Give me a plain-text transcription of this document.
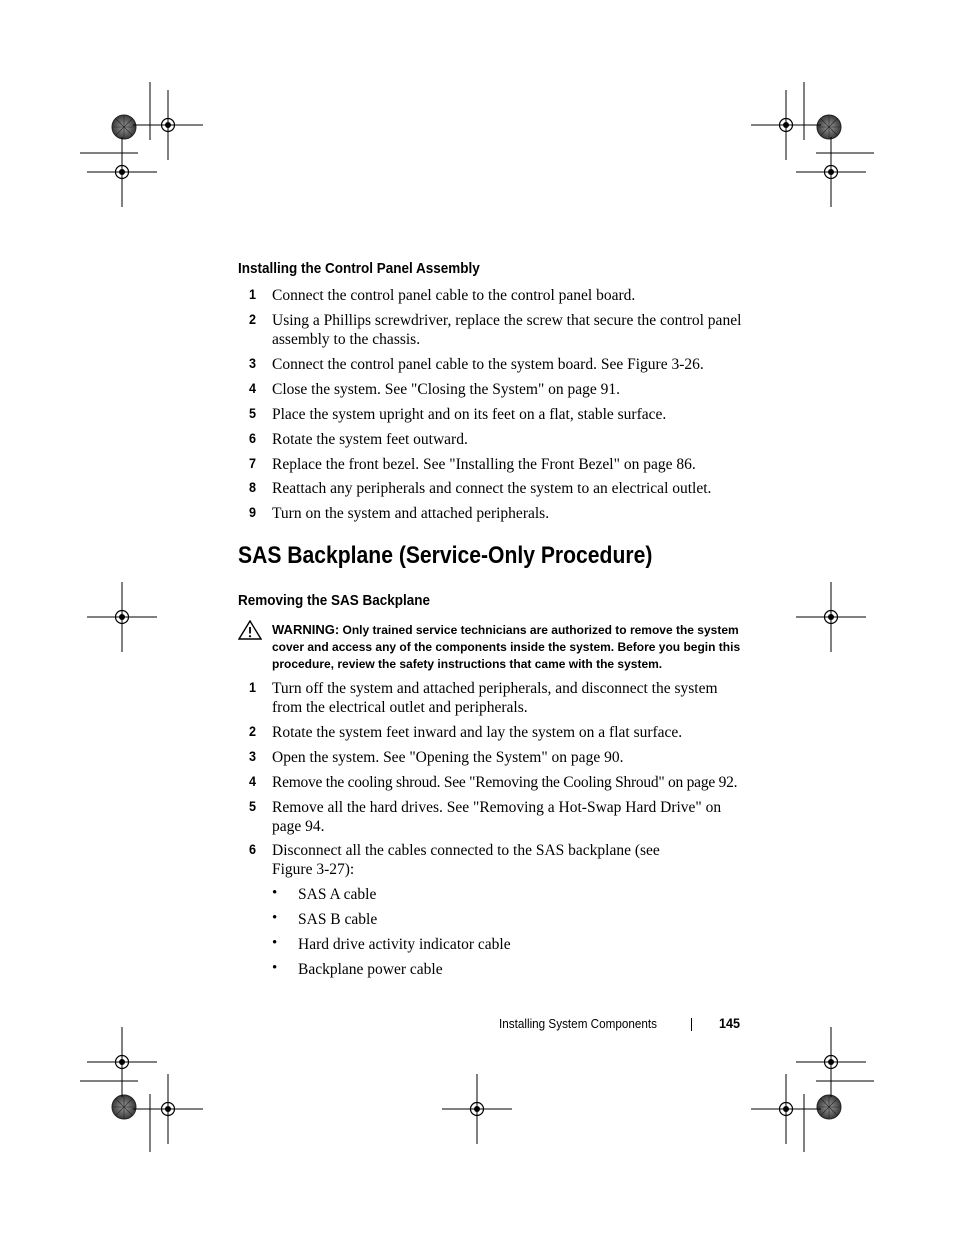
Installing the Control Panel Assembly
1 Connect the control panel cable to the control panel board.
2 Using a Phillips screwdriver, replace the screw that secure the control panel assembly to the chassis.
3 Connect the control panel cable to the system board. See Figure 3-26.
4 Close the system. See "Closing the System" on page 91.
5 Place the system upright and on its feet on a flat, stable surface.
6 Rotate the system feet outward.
7 Replace the front bezel. See "Installing the Front Bezel" on page 86.
8 Reattach any peripherals and connect the system to an electrical outlet.
9 Turn on the system and attached peripherals.
SAS Backplane (Service-Only Procedure)
Removing the SAS Backplane
WARNING: Only trained service technicians are authorized to remove the system cover and access any of the components inside the system. Before you begin this procedure, review the safety instructions that came with the system.
1 Turn off the system and attached peripherals, and disconnect the system from the electrical outlet and peripherals.
2 Rotate the system feet inward and lay the system on a flat surface.
3 Open the system. See "Opening the System" on page 90.
4 Remove the cooling shroud. See "Removing the Cooling Shroud" on page 92.
5 Remove all the hard drives. See "Removing a Hot-Swap Hard Drive" on page 94.
6 Disconnect all the cables connected to the SAS backplane (see Figure 3-27):
• SAS A cable
• SAS B cable
• Hard drive activity indicator cable
• Backplane power cable
Installing System Components	145
